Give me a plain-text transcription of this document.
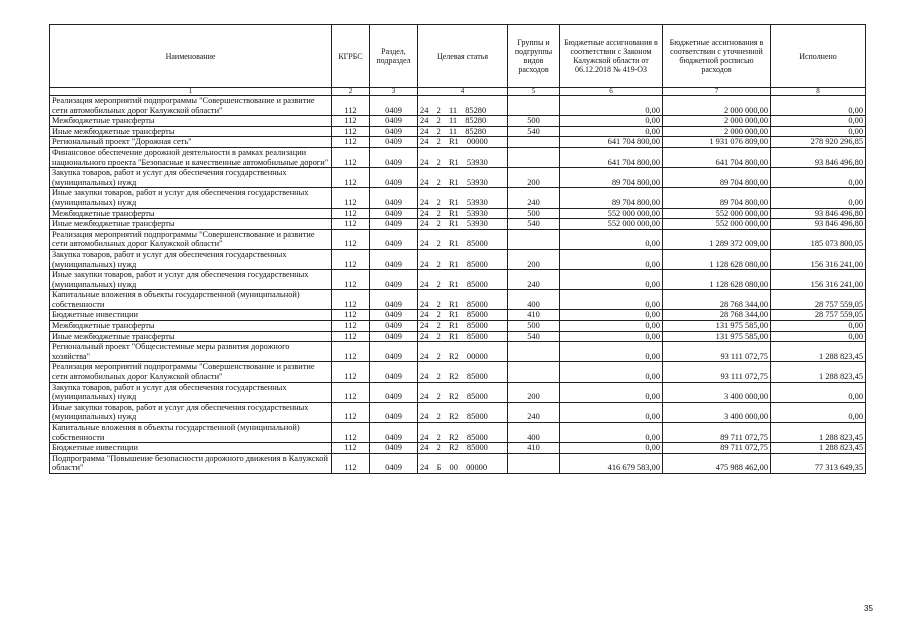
Наименование	КГРБС	Раздел, подраздел	Целевая статья	Группы и подгруппы видов расходов	Бюджетные ассигнования в соответствии с Законом Калужской области от 06.12.2018 № 419-ОЗ	Бюджетные ассигнования в соответствии с уточненной бюджетной росписью расходов	Исполнено
1	2	3	4	5	6	7	8
Реализация мероприятий подпрограммы "Совершенствование и развитие сети автомобильных дорог Калужской области"	112	0409	24  2  11  85280		0,00	2 000 000,00	0,00
Межбюджетные трансферты	112	0409	24  2  11  85280	500	0,00	2 000 000,00	0,00
Иные межбюджетные трансферты	112	0409	24  2  11  85280	540	0,00	2 000 000,00	0,00
Региональный проект "Дорожная сеть"	112	0409	24  2  R1  00000		641 704 800,00	1 931 076 809,00	278 920 296,85
Финансовое обеспечение дорожной деятельности в рамках реализации национального проекта "Безопасные и качественные автомобильные дороги"	112	0409	24  2  R1  53930		641 704 800,00	641 704 800,00	93 846 496,80
Закупка товаров, работ и услуг для обеспечения государственных (муниципальных) нужд	112	0409	24  2  R1  53930	200	89 704 800,00	89 704 800,00	0,00
Иные закупки товаров, работ и услуг для обеспечения государственных (муниципальных) нужд	112	0409	24  2  R1  53930	240	89 704 800,00	89 704 800,00	0,00
Межбюджетные трансферты	112	0409	24  2  R1  53930	500	552 000 000,00	552 000 000,00	93 846 496,80
Иные межбюджетные трансферты	112	0409	24  2  R1  53930	540	552 000 000,00	552 000 000,00	93 846 496,80
Реализация мероприятий подпрограммы "Совершенствование и развитие сети автомобильных дорог Калужской области"	112	0409	24  2  R1  85000		0,00	1 289 372 009,00	185 073 800,05
Закупка товаров, работ и услуг для обеспечения государственных (муниципальных) нужд	112	0409	24  2  R1  85000	200	0,00	1 128 628 080,00	156 316 241,00
Иные закупки товаров, работ и услуг для обеспечения государственных (муниципальных) нужд	112	0409	24  2  R1  85000	240	0,00	1 128 628 080,00	156 316 241,00
Капитальные вложения в объекты государственной (муниципальной) собственности	112	0409	24  2  R1  85000	400	0,00	28 768 344,00	28 757 559,05
Бюджетные инвестиции	112	0409	24  2  R1  85000	410	0,00	28 768 344,00	28 757 559,05
Межбюджетные трансферты	112	0409	24  2  R1  85000	500	0,00	131 975 585,00	0,00
Иные межбюджетные трансферты	112	0409	24  2  R1  85000	540	0,00	131 975 585,00	0,00
Региональный проект "Общесистемные меры развития дорожного хозяйства"	112	0409	24  2  R2  00000		0,00	93 111 072,75	1 288 823,45
Реализация мероприятий подпрограммы "Совершенствование и развитие сети автомобильных дорог Калужской области"	112	0409	24  2  R2  85000		0,00	93 111 072,75	1 288 823,45
Закупка товаров, работ и услуг для обеспечения государственных (муниципальных) нужд	112	0409	24  2  R2  85000	200	0,00	3 400 000,00	0,00
Иные закупки товаров, работ и услуг для обеспечения государственных (муниципальных) нужд	112	0409	24  2  R2  85000	240	0,00	3 400 000,00	0,00
Капитальные вложения в объекты государственной (муниципальной) собственности	112	0409	24  2  R2  85000	400	0,00	89 711 072,75	1 288 823,45
Бюджетные инвестиции	112	0409	24  2  R2  85000	410	0,00	89 711 072,75	1 288 823,45
Подпрограмма "Повышение безопасности дорожного движения в Калужской области"	112	0409	24  Б  00  00000		416 679 583,00	475 988 462,00	77 313 649,35
35
